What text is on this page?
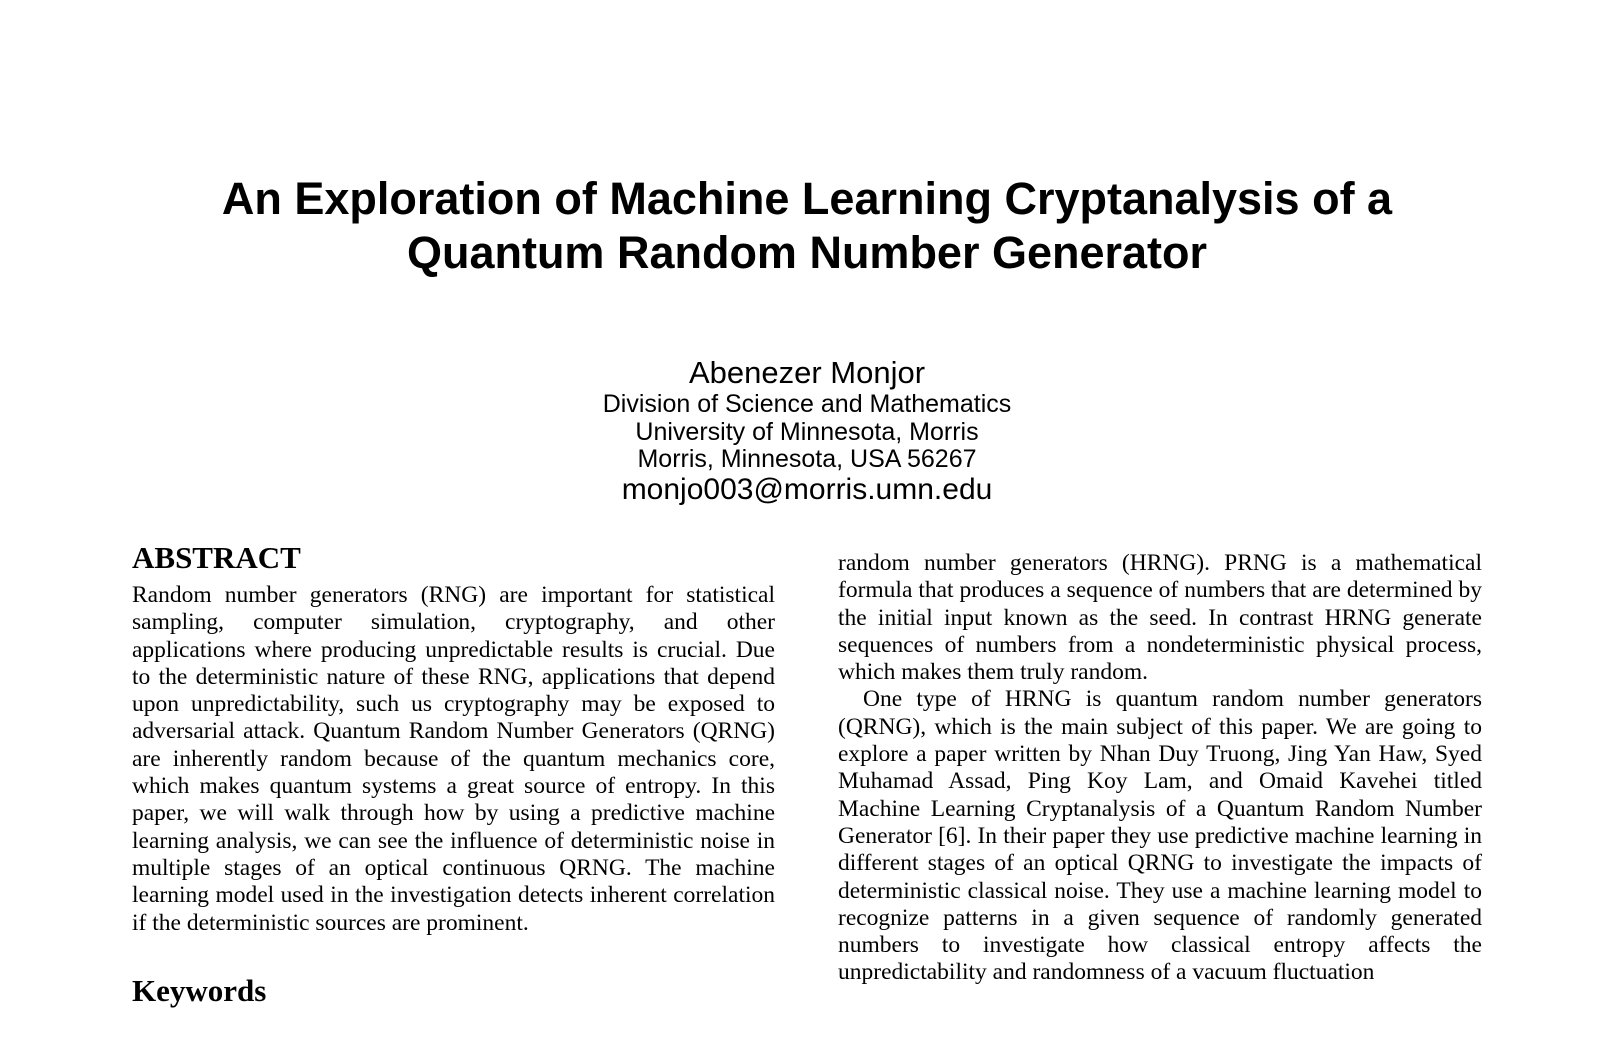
An Exploration of Machine Learning Cryptanalysis of a
Quantum Random Number Generator
Abenezer Monjor
Division of Science and Mathematics
University of Minnesota, Morris
Morris, Minnesota, USA 56267
monjo003@morris.umn.edu
ABSTRACT

Random number generators (RNG) are important for statistical sampling, computer simulation, cryptography, and other applications where producing unpredictable results is crucial. Due to the deterministic nature of these RNG, applications that depend upon unpredictability, such us cryptography may be exposed to adversarial attack. Quantum Random Number Generators (QRNG) are inherently random because of the quantum mechanics core, which makes quantum systems a great source of entropy. In this paper, we will walk through how by using a predictive machine learning analysis, we can see the influence of deterministic noise in multiple stages of an optical continuous QRNG. The machine learning model used in the investigation detects inherent correlation if the deterministic sources are prominent.

Keywords

random number generators (HRNG). PRNG is a mathematical formula that produces a sequence of numbers that are determined by the initial input known as the seed. In contrast HRNG generate sequences of numbers from a nondeterministic physical process, which makes them truly random.

One type of HRNG is quantum random number generators (QRNG), which is the main subject of this paper. We are going to explore a paper written by Nhan Duy Truong, Jing Yan Haw, Syed Muhamad Assad, Ping Koy Lam, and Omaid Kavehei titled Machine Learning Cryptanalysis of a Quantum Random Number Generator [6]. In their paper they use predictive machine learning in different stages of an optical QRNG to investigate the impacts of deterministic classical noise. They use a machine learning model to recognize patterns in a given sequence of randomly generated numbers to investigate how classical entropy affects the unpredictability and randomness of a vacuum fluctuation
